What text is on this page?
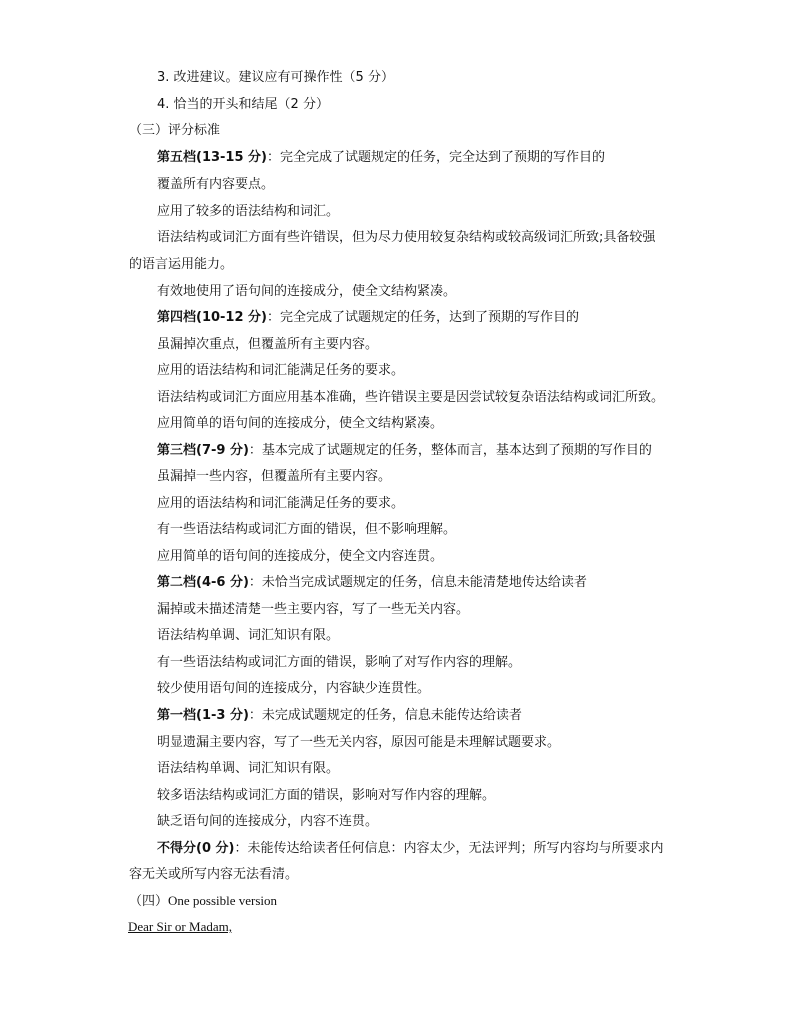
3. 改进建议。建议应有可操作性（5 分）
4. 恰当的开头和结尾（2 分）
（三）评分标准
第五档(13-15 分)：完全完成了试题规定的任务，完全达到了预期的写作目的
覆盖所有内容要点。
应用了较多的语法结构和词汇。
语法结构或词汇方面有些许错误，但为尽力使用较复杂结构或较高级词汇所致;具备较强
的语言运用能力。
有效地使用了语句间的连接成分，使全文结构紧凑。
第四档(10-12 分)：完全完成了试题规定的任务，达到了预期的写作目的
虽漏掉次重点，但覆盖所有主要内容。
应用的语法结构和词汇能满足任务的要求。
语法结构或词汇方面应用基本准确，些许错误主要是因尝试较复杂语法结构或词汇所致。
应用简单的语句间的连接成分，使全文结构紧凑。
第三档(7-9 分)：基本完成了试题规定的任务，整体而言，基本达到了预期的写作目的
虽漏掉一些内容，但覆盖所有主要内容。
应用的语法结构和词汇能满足任务的要求。
有一些语法结构或词汇方面的错误，但不影响理解。
应用简单的语句间的连接成分，使全文内容连贯。
第二档(4-6 分)：未恰当完成试题规定的任务，信息未能清楚地传达给读者
漏掉或未描述清楚一些主要内容，写了一些无关内容。
语法结构单调、词汇知识有限。
有一些语法结构或词汇方面的错误，影响了对写作内容的理解。
较少使用语句间的连接成分，内容缺少连贯性。
第一档(1-3 分)：未完成试题规定的任务，信息未能传达给读者
明显遗漏主要内容，写了一些无关内容，原因可能是未理解试题要求。
语法结构单调、词汇知识有限。
较多语法结构或词汇方面的错误，影响对写作内容的理解。
缺乏语句间的连接成分，内容不连贯。
不得分(0 分)：未能传达给读者任何信息：内容太少，无法评判；所写内容均与所要求内
容无关或所写内容无法看清。
（四）One possible version
Dear Sir or Madam,
